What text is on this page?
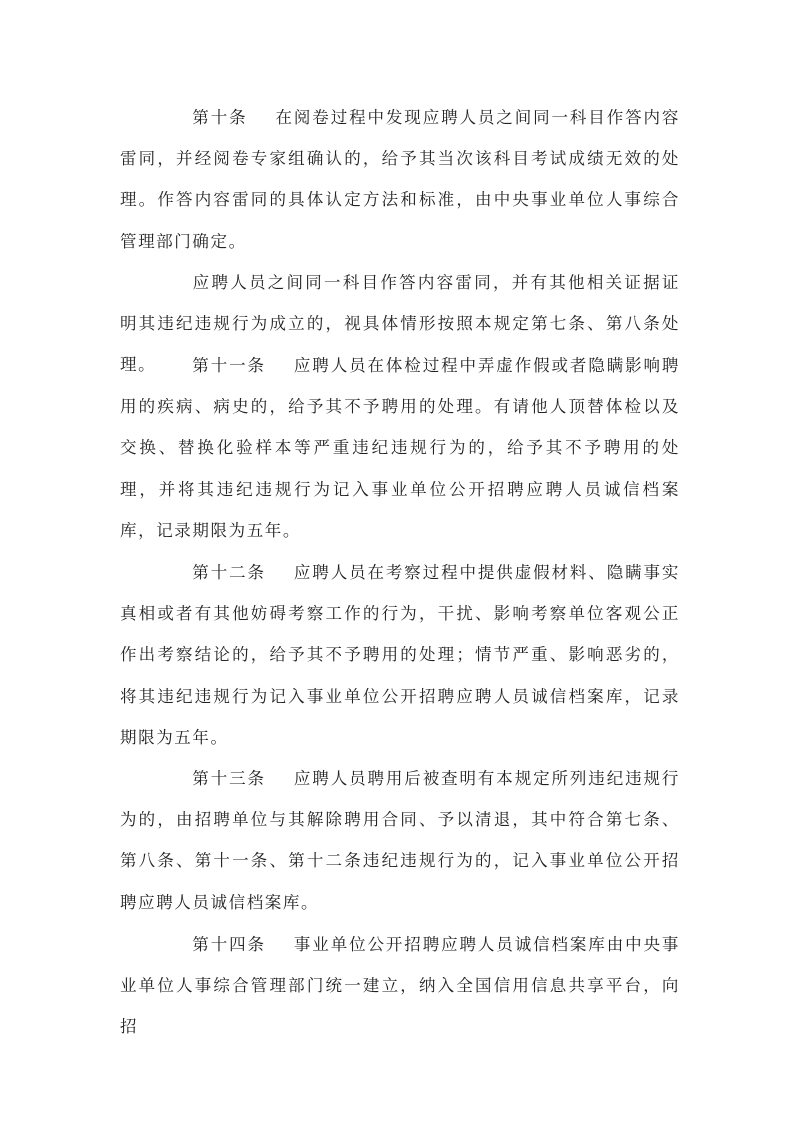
第十条 在阅卷过程中发现应聘人员之间同一科目作答内容雷同，并经阅卷专家组确认的，给予其当次该科目考试成绩无效的处理。作答内容雷同的具体认定方法和标准，由中央事业单位人事综合管理部门确定。

应聘人员之间同一科目作答内容雷同，并有其他相关证据证明其违纪违规行为成立的，视具体情形按照本规定第七条、第八条处理。	第十一条 应聘人员在体检过程中弄虚作假或者隐瞒影响聘用的疾病、病史的，给予其不予聘用的处理。有请他人顶替体检以及交换、替换化验样本等严重违纪违规行为的，给予其不予聘用的处理，并将其违纪违规行为记入事业单位公开招聘应聘人员诚信档案库，记录期限为五年。

第十二条 应聘人员在考察过程中提供虚假材料、隐瞒事实真相或者有其他妨碍考察工作的行为，干扰、影响考察单位客观公正作出考察结论的，给予其不予聘用的处理；情节严重、影响恶劣的，将其违纪违规行为记入事业单位公开招聘应聘人员诚信档案库，记录期限为五年。

第十三条 应聘人员聘用后被查明有本规定所列违纪违规行为的，由招聘单位与其解除聘用合同、予以清退，其中符合第七条、第八条、第十一条、第十二条违纪违规行为的，记入事业单位公开招聘应聘人员诚信档案库。

第十四条 事业单位公开招聘应聘人员诚信档案库由中央事业单位人事综合管理部门统一建立，纳入全国信用信息共享平台，向招
